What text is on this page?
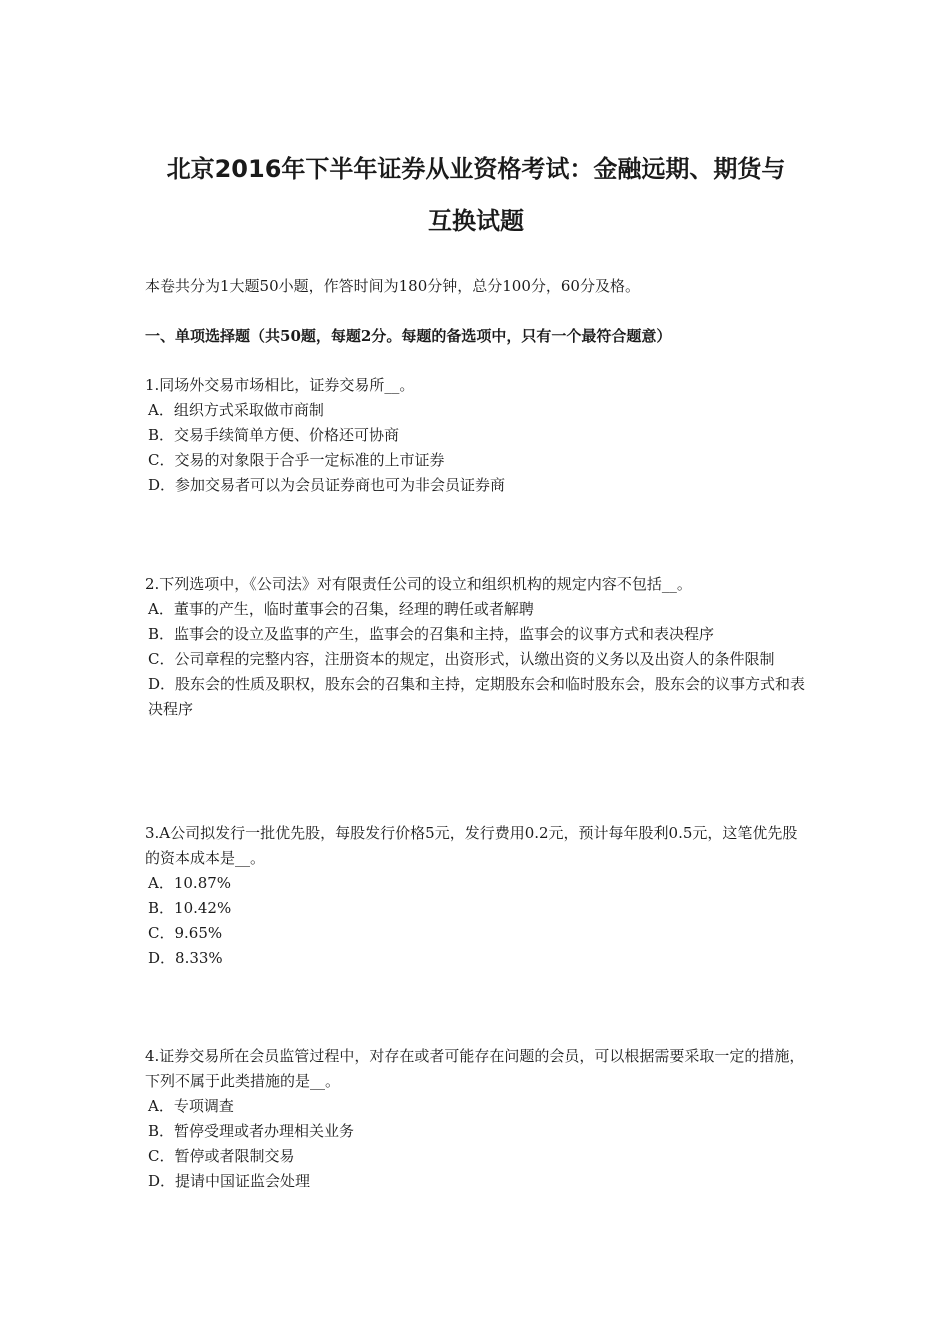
北京2016年下半年证券从业资格考试：金融远期、期货与
互换试题
本卷共分为1大题50小题，作答时间为180分钟，总分100分，60分及格。
一、单项选择题（共50题，每题2分。每题的备选项中，只有一个最符合题意）

1.同场外交易市场相比，证券交易所__。

A．组织方式采取做市商制

B．交易手续简单方便、价格还可协商

C．交易的对象限于合乎一定标准的上市证券

D．参加交易者可以为会员证券商也可为非会员证券商

2.下列选项中，《公司法》对有限责任公司的设立和组织机构的规定内容不包括__。

A．董事的产生，临时董事会的召集，经理的聘任或者解聘

B．监事会的设立及监事的产生，监事会的召集和主持，监事会的议事方式和表决程序

C．公司章程的完整内容，注册资本的规定，出资形式，认缴出资的义务以及出资人的条件限制

D．股东会的性质及职权，股东会的召集和主持，定期股东会和临时股东会，股东会的议事方式和表决程序

3.A公司拟发行一批优先股，每股发行价格5元，发行费用0.2元，预计每年股利0.5元，这笔优先股的资本成本是__。

A．10.87%

B．10.42%

C．9.65%

D．8.33%

4.证券交易所在会员监管过程中，对存在或者可能存在问题的会员，可以根据需要采取一定的措施，下列不属于此类措施的是__。

A．专项调查

B．暂停受理或者办理相关业务

C．暂停或者限制交易

D．提请中国证监会处理
